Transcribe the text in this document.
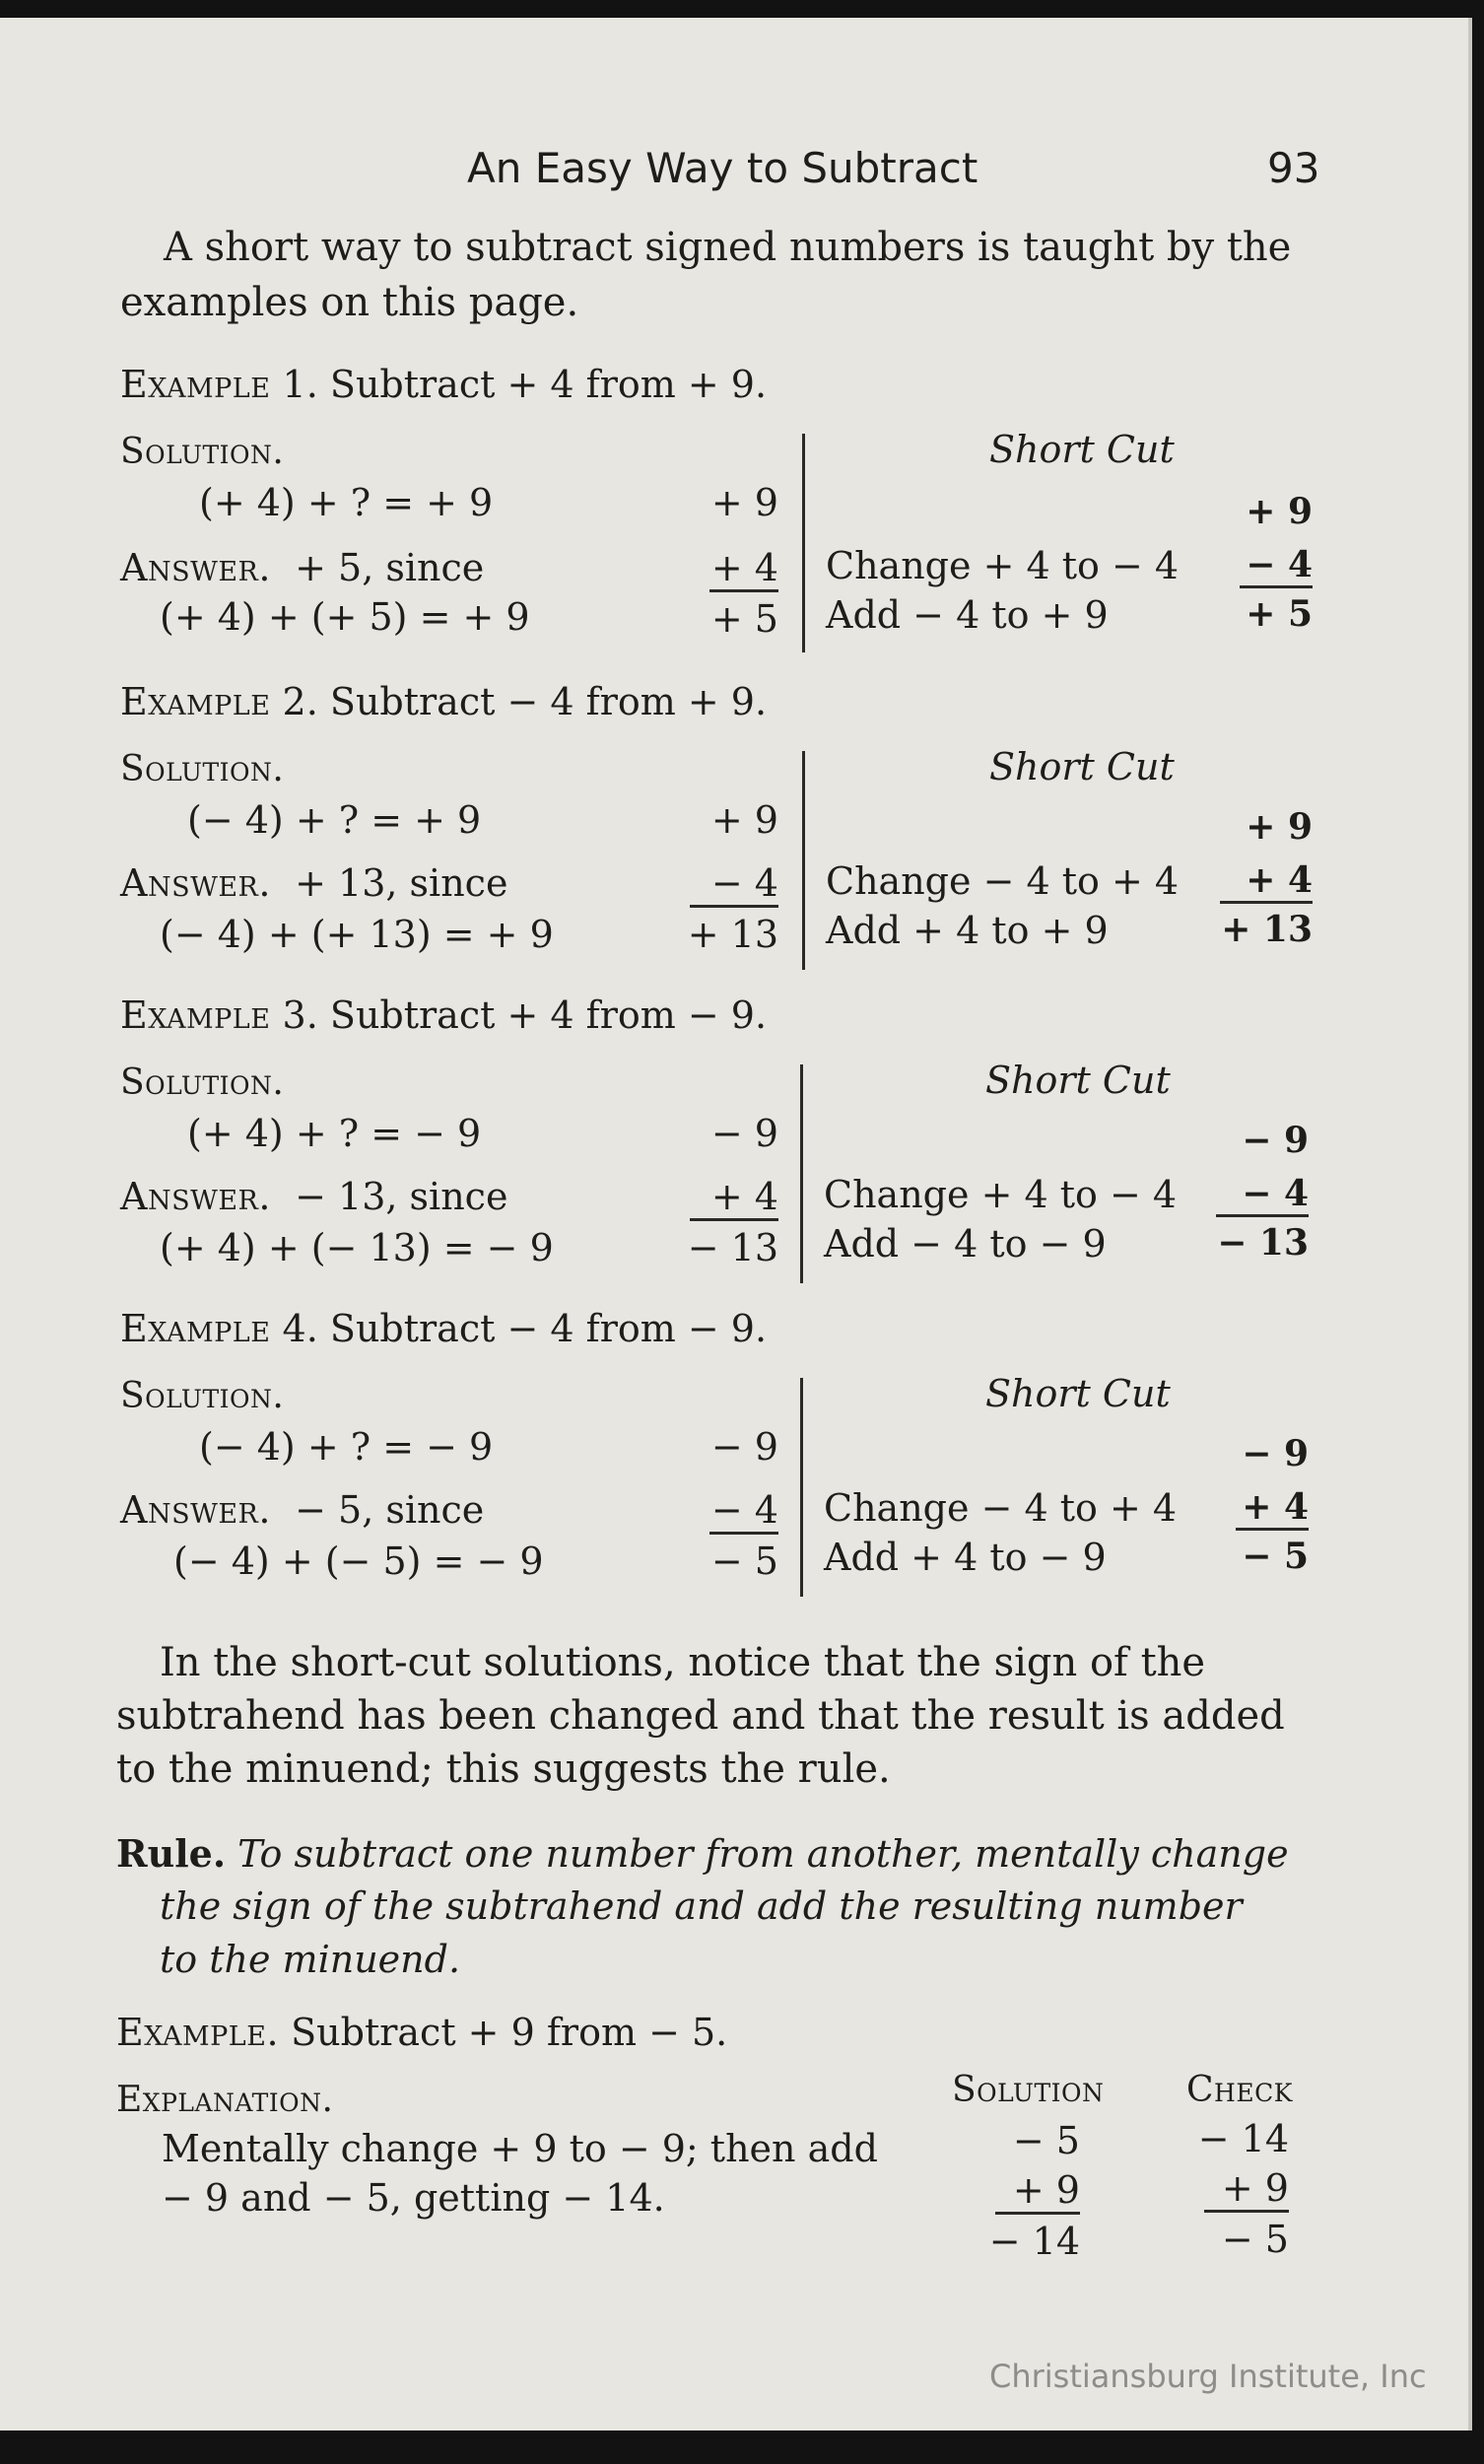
An Easy Way to Subtract	93
A short way to subtract signed numbers is taught by the
examples on this page.
Example 1. Subtract + 4 from + 9.
Solution.
(+ 4) + ? = + 9
Answer. + 5, since
(+ 4) + (+ 5) = + 9
+ 9
+ 4
+ 5
Short Cut
Change + 4 to − 4
Add − 4 to + 9
+ 9
− 4
+ 5
Example 2. Subtract − 4 from + 9.
Solution.
(− 4) + ? = + 9
Answer. + 13, since
(− 4) + (+ 13) = + 9
+ 9
− 4
+ 13
Short Cut
Change − 4 to + 4
Add + 4 to + 9
+ 9
+ 4
+ 13
Example 3. Subtract + 4 from − 9.
Solution.
(+ 4) + ? = − 9
Answer. − 13, since
(+ 4) + (− 13) = − 9
− 9
+ 4
− 13
Short Cut
Change + 4 to − 4
Add − 4 to − 9
− 9
− 4
− 13
Example 4. Subtract − 4 from − 9.
Solution.
(− 4) + ? = − 9
Answer. − 5, since
(− 4) + (− 5) = − 9
− 9
− 4
− 5
Short Cut
Change − 4 to + 4
Add + 4 to − 9
− 9
+ 4
− 5
In the short-cut solutions, notice that the sign of the
subtrahend has been changed and that the result is added
to the minuend; this suggests the rule.
Rule. To subtract one number from another, mentally change
the sign of the subtrahend and add the resulting number
to the minuend.
Example. Subtract + 9 from − 5.
Explanation.
Mentally change + 9 to − 9; then add
− 9 and − 5, getting − 14.
Solution Check
− 5
+ 9
− 14
− 14
+ 9
− 5
Christiansburg Institute, Inc
